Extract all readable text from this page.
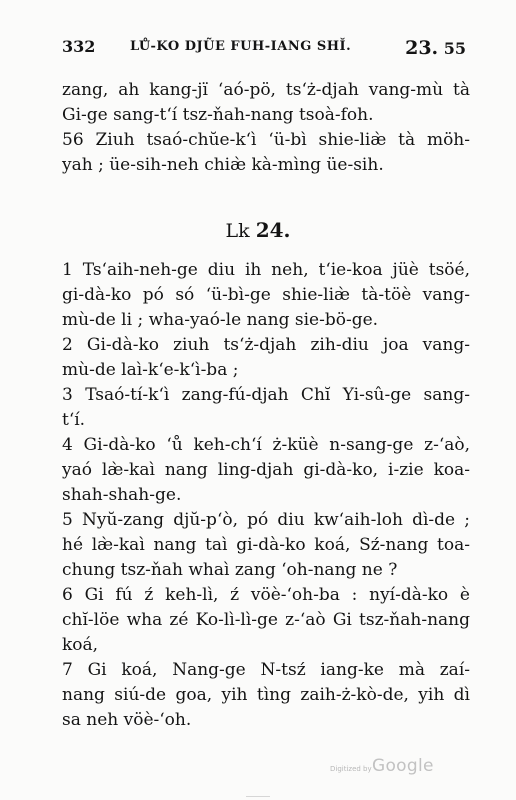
332	LŮ-KO DJŨE FUH-IANG SHĬ.	23. 55
zang, ah kang-jï ‘aó-pö, ts‘ż-djah vang-mù tà
Gi-ge sang-t‘í tsz-ňah-nang tsoà-foh.
56 Ziuh tsaó-chŭe-k‘ì ‘ü-bì shie-liæ̀ tà möh-
yah ; üe-sih-neh chiæ̀ kà-mìng üe-sih.
Lk 24.
1 Ts‘aih-neh-ge diu ih neh, t‘ie-koa jüè tsöé,
gi-dà-ko pó só ‘ü-bì-ge shie-liæ̀ tà-töè vang-
mù-de li ; wha-yaó-le nang sie-bö-ge.
2 Gi-dà-ko ziuh ts‘ż-djah zih-diu joa vang-
mù-de laì-k‘e-k‘ì-ba ;
3 Tsaó-tí-k‘ì zang-fú-djah Chĭ Yi-sû-ge sang-
t‘í.
4 Gi-dà-ko ‘ů keh-ch‘í ż-küè n-sang-ge z-‘aò,
yaó læ̀-kaì nang ling-djah gi-dà-ko, i-zie koa-
shah-shah-ge.
5 Nyŭ-zang djŭ-p‘ò, pó diu kw‘aih-loh dì-de ;
hé læ̀-kaì nang taì gi-dà-ko koá, Sź-nang toa-
chung tsz-ňah whaì zang ‘oh-nang ne ?
6 Gi fú ź keh-lì, ź vöè-‘oh-ba : nyí-dà-ko è
chĭ-löe wha zé Ko-lì-lì-ge z-‘aò Gi tsz-ňah-nang
koá,
7 Gi koá, Nang-ge N-tsź iang-ke mà zaí-
nang siú-de goa, yih tìng zaih-ż-kò-de, yih dì
sa neh vöè-‘oh.
Digitized by Google
